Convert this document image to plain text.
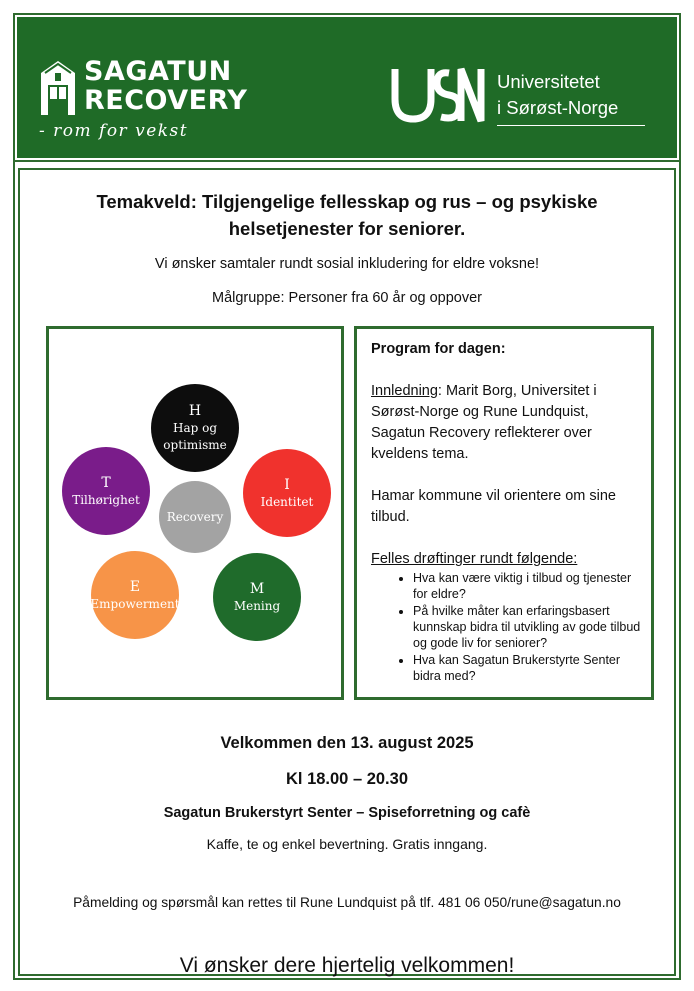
SAGATUN
RECOVERY
- rom for vekst
Universitetet
i Sørøst-Norge
Temakveld: Tilgjengelige fellesskap og rus – og psykiske helsetjenester for seniorer.
Vi ønsker samtaler rundt sosial inkludering for eldre voksne!
Målgruppe: Personer fra 60 år og oppover
H
Hap og
optimisme
I
Identitet
M
Mening
E
Empowerment
T
Tilhørighet
Recovery

Program for dagen:

Innledning: Marit Borg, Universitet i Sørøst-Norge og Rune Lundquist, Sagatun Recovery reflekterer over kveldens tema.

Hamar kommune vil orientere om sine tilbud.

Felles drøftinger rundt følgende:

• Hva kan være viktig i tilbud og tjenester for eldre?
• På hvilke måter kan erfaringsbasert kunnskap bidra til utvikling av gode tilbud og gode liv for seniorer?
• Hva kan Sagatun Brukerstyrte Senter bidra med?
Velkommen den 13. august 2025
Kl 18.00 – 20.30
Sagatun Brukerstyrt Senter – Spiseforretning og cafè
Kaffe, te og enkel bevertning. Gratis inngang.
Påmelding og spørsmål kan rettes til Rune Lundquist på tlf. 481 06 050/rune@sagatun.no
Vi ønsker dere hjertelig velkommen!
